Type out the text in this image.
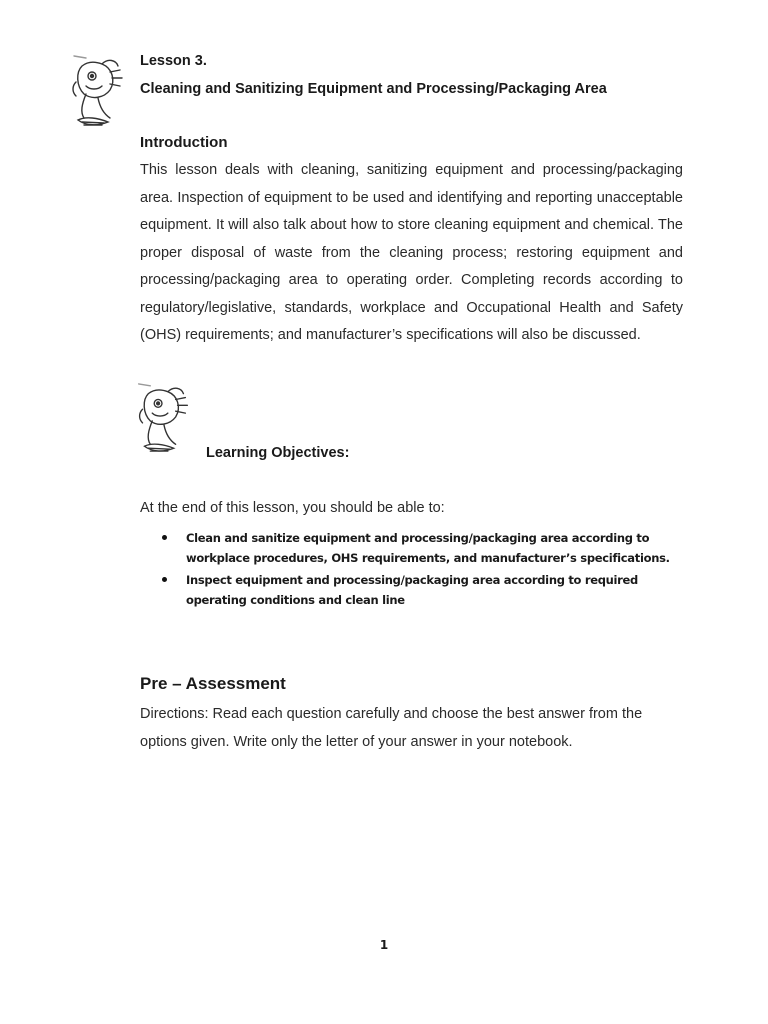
Lesson 3.
Cleaning and Sanitizing Equipment and Processing/Packaging Area
Introduction
This lesson deals with cleaning, sanitizing equipment and processing/packaging area. Inspection of equipment to be used and identifying and reporting unacceptable equipment. It will also talk about how to store cleaning equipment and chemical. The proper disposal of waste from the cleaning process; restoring equipment and processing/packaging area to operating order. Completing records according to regulatory/legislative, standards, workplace and Occupational Health and Safety (OHS) requirements; and manufacturer’s specifications will also be discussed.
Learning Objectives:
At the end of this lesson, you should be able to:
Clean and sanitize equipment and processing/packaging area according to workplace procedures, OHS requirements, and manufacturer’s specifications.
Inspect equipment and processing/packaging area according to required operating conditions and clean line
Pre – Assessment
Directions: Read each question carefully and choose the best answer from the options given. Write only the letter of your answer in your notebook.
1
